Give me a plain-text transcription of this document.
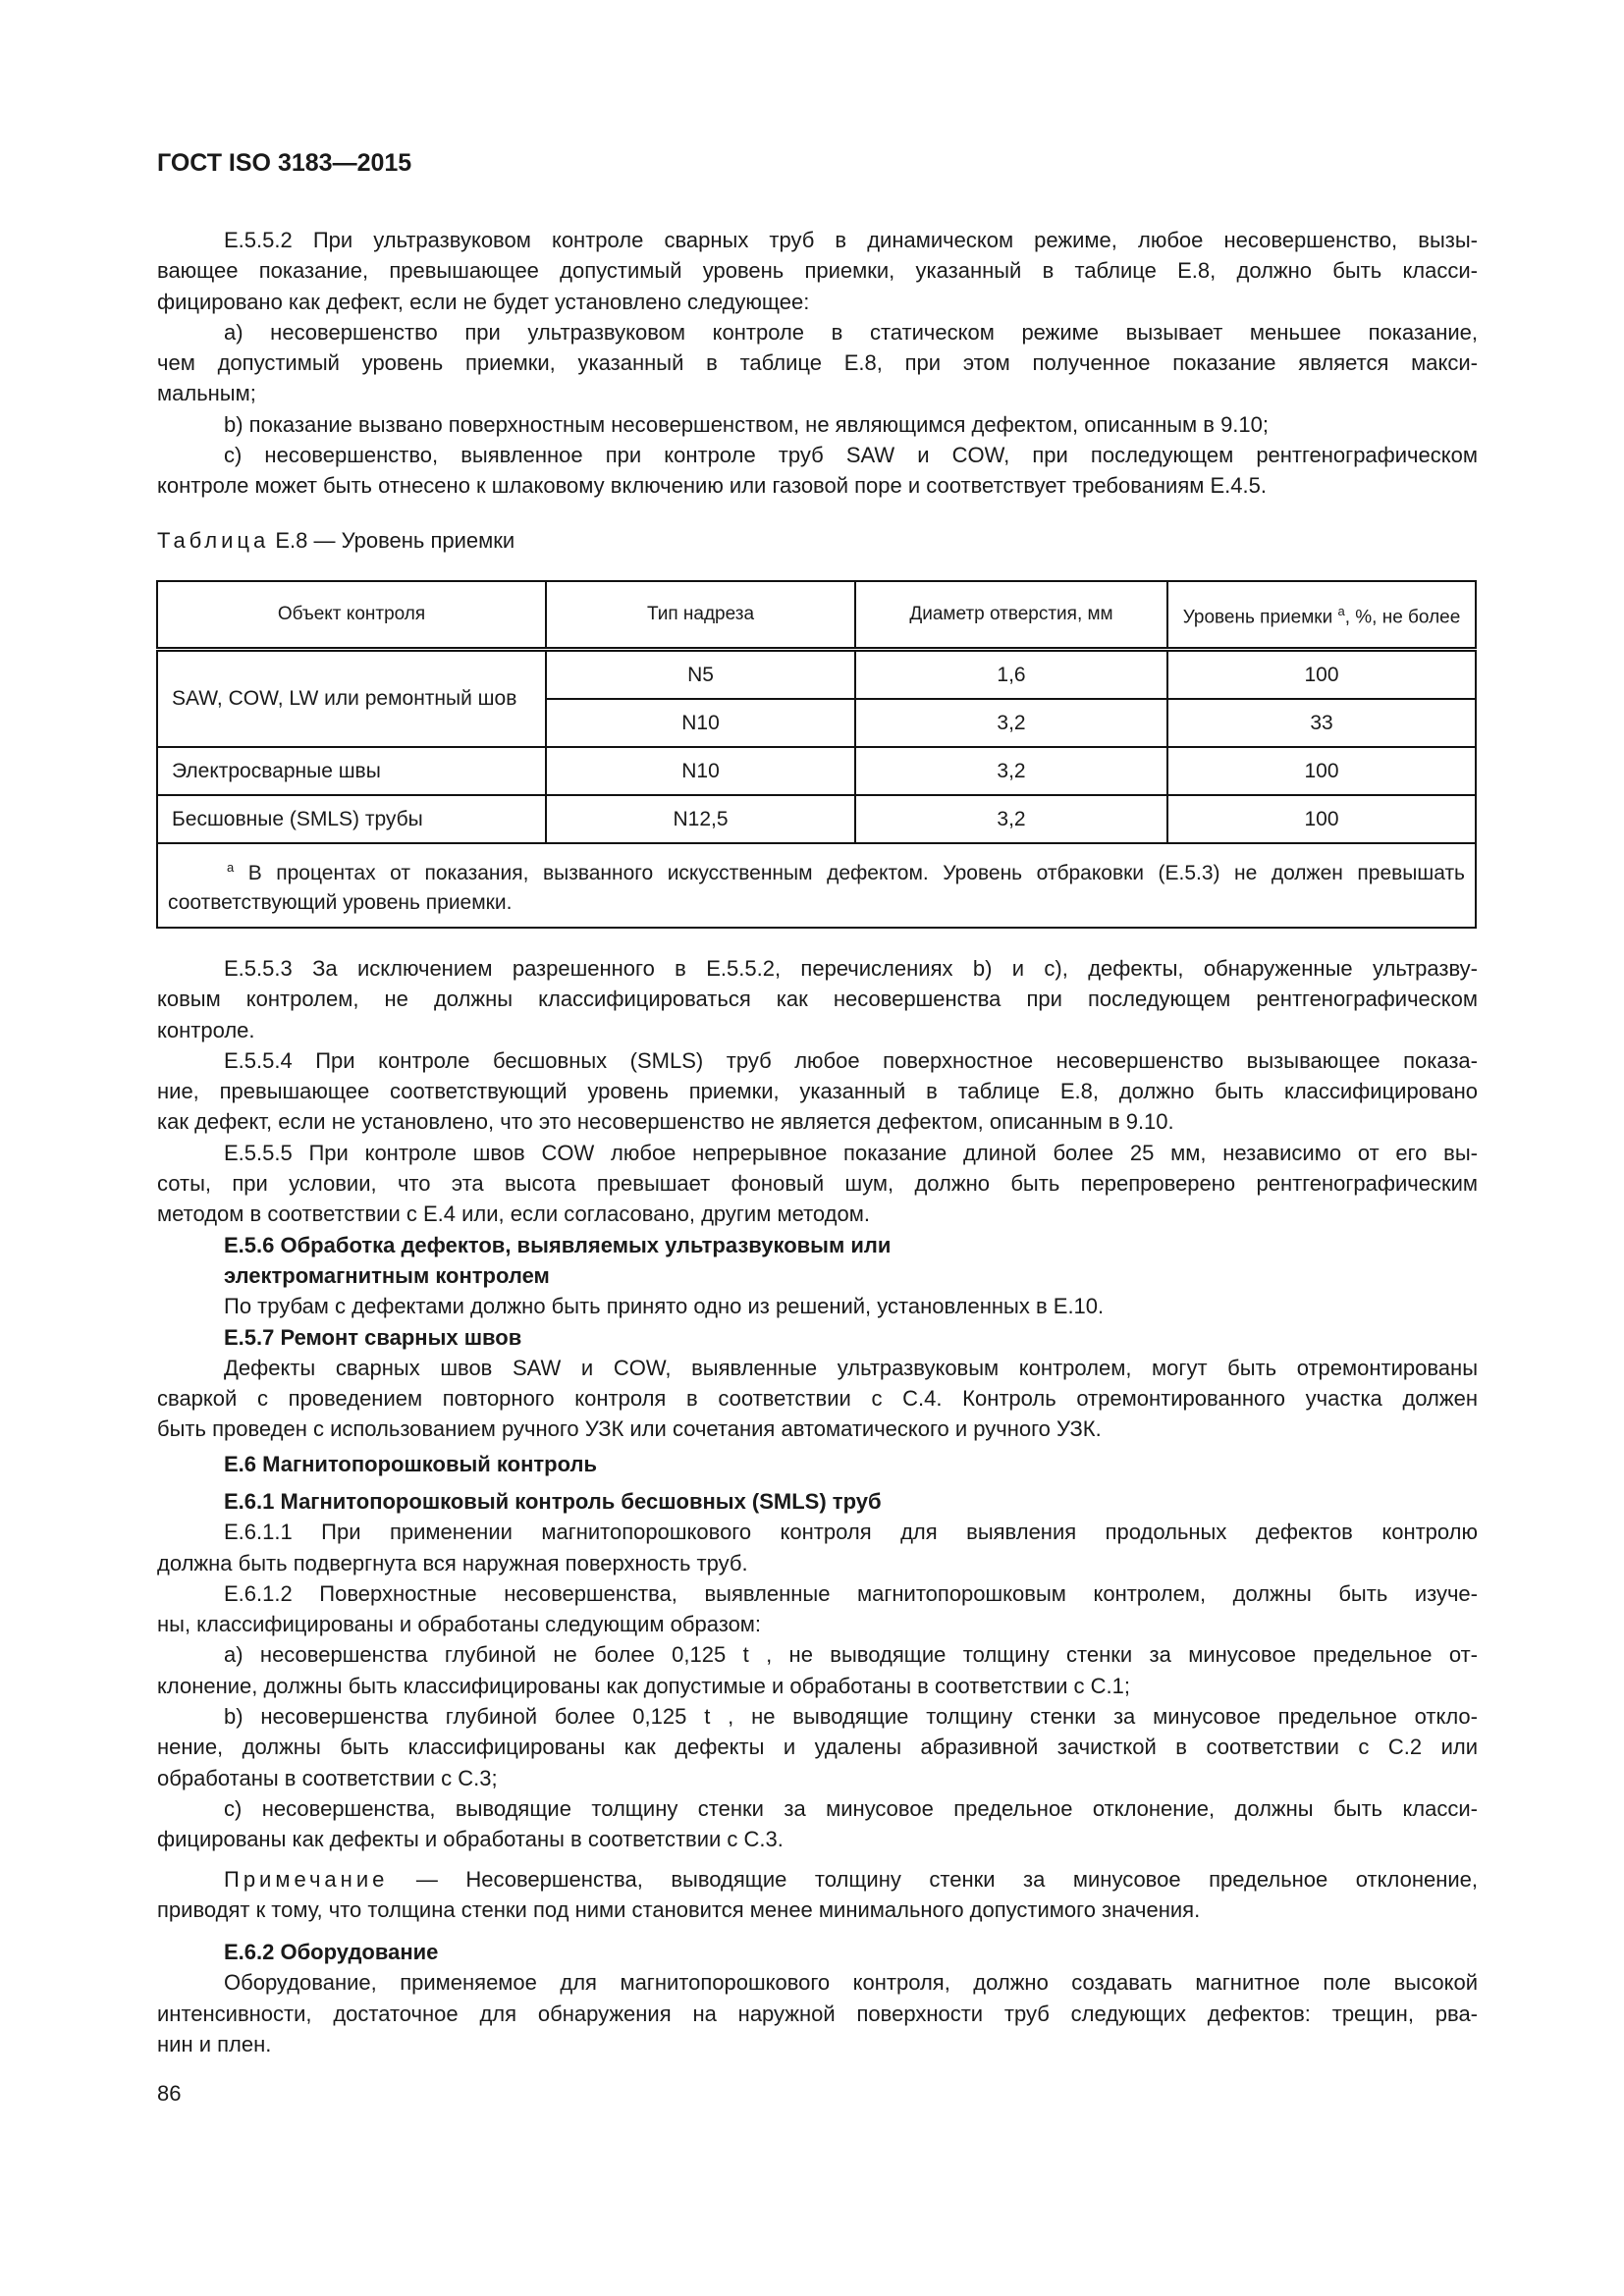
ГОСТ ISO 3183—2015
Е.5.5.2 При ультразвуковом контроле сварных труб в динамическом режиме, любое несовершенство, вызы-
вающее показание, превышающее допустимый уровень приемки, указанный в таблице Е.8, должно быть класси-
фицировано как дефект, если не будет установлено следующее:
a) несовершенство при ультразвуковом контроле в статическом режиме вызывает меньшее показание,
чем допустимый уровень приемки, указанный в таблице Е.8, при этом полученное показание является макси-
мальным;
b) показание вызвано поверхностным несовершенством, не являющимся дефектом, описанным в 9.10;
c) несовершенство, выявленное при контроле труб SAW и COW, при последующем рентгенографическом
контроле может быть отнесено к шлаковому включению или газовой поре и соответствует требованиям Е.4.5.
Таблица Е.8 — Уровень приемки
Объект контроля	Тип надреза	Диаметр отверстия, мм	Уровень приемки $^a$, %, не более
SAW, COW, LW или ремонтный шов	N5	1,6	100
	N10	3,2	33
Электросварные швы	N10	3,2	100
Бесшовные (SMLS) трубы	N12,5	3,2	100
$^a$ В процентах от показания, вызванного искусственным дефектом. Уровень отбраковки (Е.5.3) не должен превышать соответствующий уровень приемки.			
Е.5.5.3 За исключением разрешенного в Е.5.5.2, перечислениях b) и c), дефекты, обнаруженные ультразву-
ковым контролем, не должны классифицироваться как несовершенства при последующем рентгенографическом
контроле.
Е.5.5.4 При контроле бесшовных (SMLS) труб любое поверхностное несовершенство вызывающее показа-
ние, превышающее соответствующий уровень приемки, указанный в таблице Е.8, должно быть классифицировано
как дефект, если не установлено, что это несовершенство не является дефектом, описанным в 9.10.
Е.5.5.5 При контроле швов COW любое непрерывное показание длиной более 25 мм, независимо от его вы-
соты, при условии, что эта высота превышает фоновый шум, должно быть перепроверено рентгенографическим
методом в соответствии с Е.4 или, если согласовано, другим методом.
Е.5.6 Обработка дефектов, выявляемых ультразвуковым или
электромагнитным контролем
По трубам с дефектами должно быть принято одно из решений, установленных в Е.10.
Е.5.7 Ремонт сварных швов
Дефекты сварных швов SAW и COW, выявленные ультразвуковым контролем, могут быть отремонтированы
сваркой с проведением повторного контроля в соответствии с С.4. Контроль отремонтированного участка должен
быть проведен с использованием ручного УЗК или сочетания автоматического и ручного УЗК.
Е.6 Магнитопорошковый контроль
Е.6.1 Магнитопорошковый контроль бесшовных (SMLS) труб
Е.6.1.1 При применении магнитопорошкового контроля для выявления продольных дефектов контролю
должна быть подвергнута вся наружная поверхность труб.
Е.6.1.2 Поверхностные несовершенства, выявленные магнитопорошковым контролем, должны быть изуче-
ны, классифицированы и обработаны следующим образом:
a) несовершенства глубиной не более 0,125 t , не выводящие толщину стенки за минусовое предельное от-
клонение, должны быть классифицированы как допустимые и обработаны в соответствии с С.1;
b) несовершенства глубиной более 0,125 t , не выводящие толщину стенки за минусовое предельное откло-
нение, должны быть классифицированы как дефекты и удалены абразивной зачисткой в соответствии с С.2 или
обработаны в соответствии с С.3;
c) несовершенства, выводящие толщину стенки за минусовое предельное отклонение, должны быть класси-
фицированы как дефекты и обработаны в соответствии с С.3.
Примечание — Несовершенства, выводящие толщину стенки за минусовое предельное отклонение,
приводят к тому, что толщина стенки под ними становится менее минимального допустимого значения.
Е.6.2 Оборудование
Оборудование, применяемое для магнитопорошкового контроля, должно создавать магнитное поле высокой
интенсивности, достаточное для обнаружения на наружной поверхности труб следующих дефектов: трещин, рва-
нин и плен.
86
